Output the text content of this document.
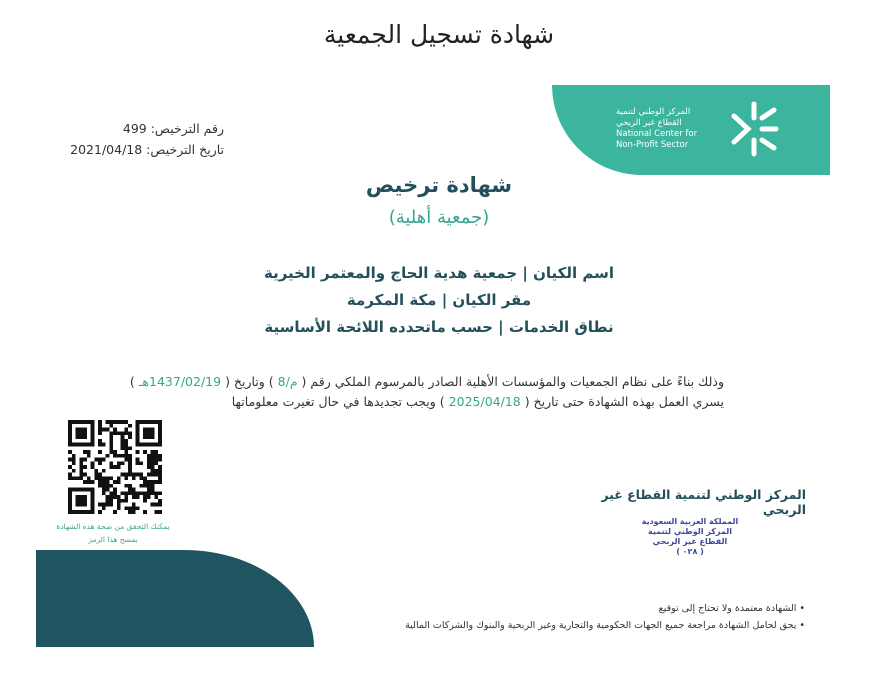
شهادة تسجيل الجمعية
المركز الوطني لتنمية
القطاع غير الربحي
National Center for
Non-Profit Sector
رقم الترخيص: 499
تاريخ الترخيص: 2021/04/18
شهادة ترخيص
(جمعية أهلية)
اسم الكيان | جمعية هدية الحاج والمعتمر الخيرية
مقر الكيان | مكة المكرمة
نطاق الخدمات | حسب ماتحدده اللائحة الأساسية
وذلك بناءً على نظام الجمعيات والمؤسسات الأهلية الصادر بالمرسوم الملكي رقم ( م/8 ) وتاريخ ( 1437/02/19هـ )
يسري العمل بهذه الشهادة حتى تاريخ ( 2025/04/18 ) ويجب تجديدها في حال تغيرت معلوماتها
يمكنك التحقق من صحة هذه الشهادة بمسح هذا الرمز
المركز الوطني لتنمية القطاع غير الربحي
المملكة العربية السعودية
المركز الوطني لتنمية
القطاع غير الربحي
( ٠٢٨ )
• الشهادة معتمدة ولا تحتاج إلى توقيع
• يحق لحامل الشهادة مراجعة جميع الجهات الحكومية والتجارية وغير الربحية والبنوك والشركات المالية
